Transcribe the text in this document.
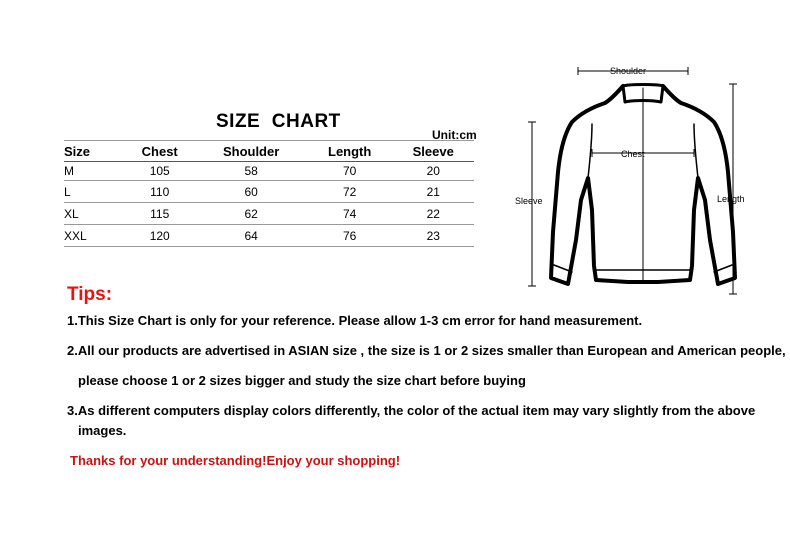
SIZE  CHART
Unit:cm
Size	Chest	Shoulder	Length	Sleeve
M	105	58	70	20
L	110	60	72	21
XL	115	62	74	22
XXL	120	64	76	23
Shoulder
Sleeve	Length
Chest
Tips:
1.This Size Chart is only for your reference. Please allow 1-3 cm error for hand measurement.
2.All our products are advertised in ASIAN size , the size is 1 or 2 sizes smaller than European and American people,
please choose 1 or 2 sizes bigger and study the size chart before buying
3.As different computers display colors differently, the color of the actual item may vary slightly from the above
images.
Thanks for your understanding!Enjoy your shopping!
